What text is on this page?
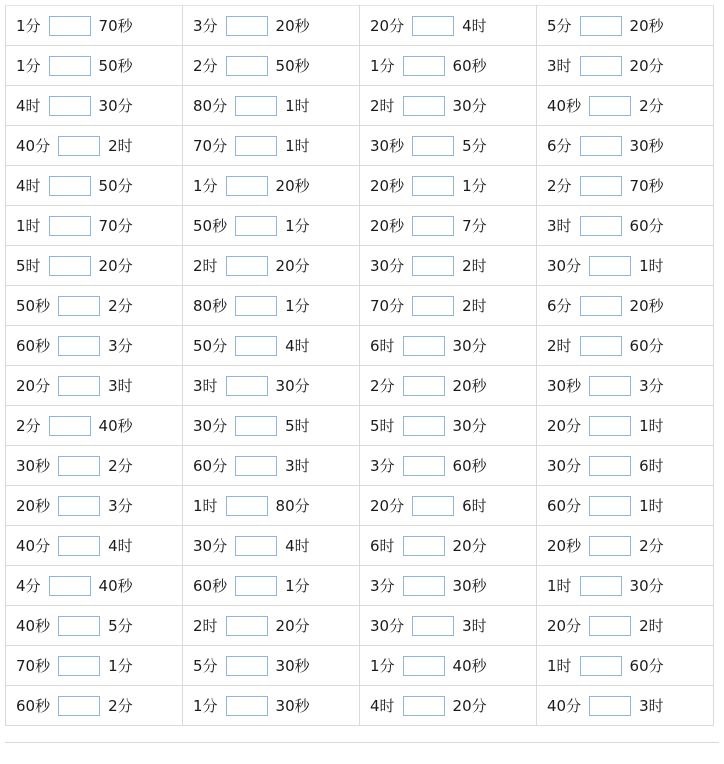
1分 70秒	3分 20秒	20分 4时	5分 20秒
1分 50秒	2分 50秒	1分 60秒	3时 20分
4时 30分	80分 1时	2时 30分	40秒 2分
40分 2时	70分 1时	30秒 5分	6分 30秒
4时 50分	1分 20秒	20秒 1分	2分 70秒
1时 70分	50秒 1分	20秒 7分	3时 60分
5时 20分	2时 20分	30分 2时	30分 1时
50秒 2分	80秒 1分	70分 2时	6分 20秒
60秒 3分	50分 4时	6时 30分	2时 60分
20分 3时	3时 30分	2分 20秒	30秒 3分
2分 40秒	30分 5时	5时 30分	20分 1时
30秒 2分	60分 3时	3分 60秒	30分 6时
20秒 3分	1时 80分	20分 6时	60分 1时
40分 4时	30分 4时	6时 20分	20秒 2分
4分 40秒	60秒 1分	3分 30秒	1时 30分
40秒 5分	2时 20分	30分 3时	20分 2时
70秒 1分	5分 30秒	1分 40秒	1时 60分
60秒 2分	1分 30秒	4时 20分	40分 3时
